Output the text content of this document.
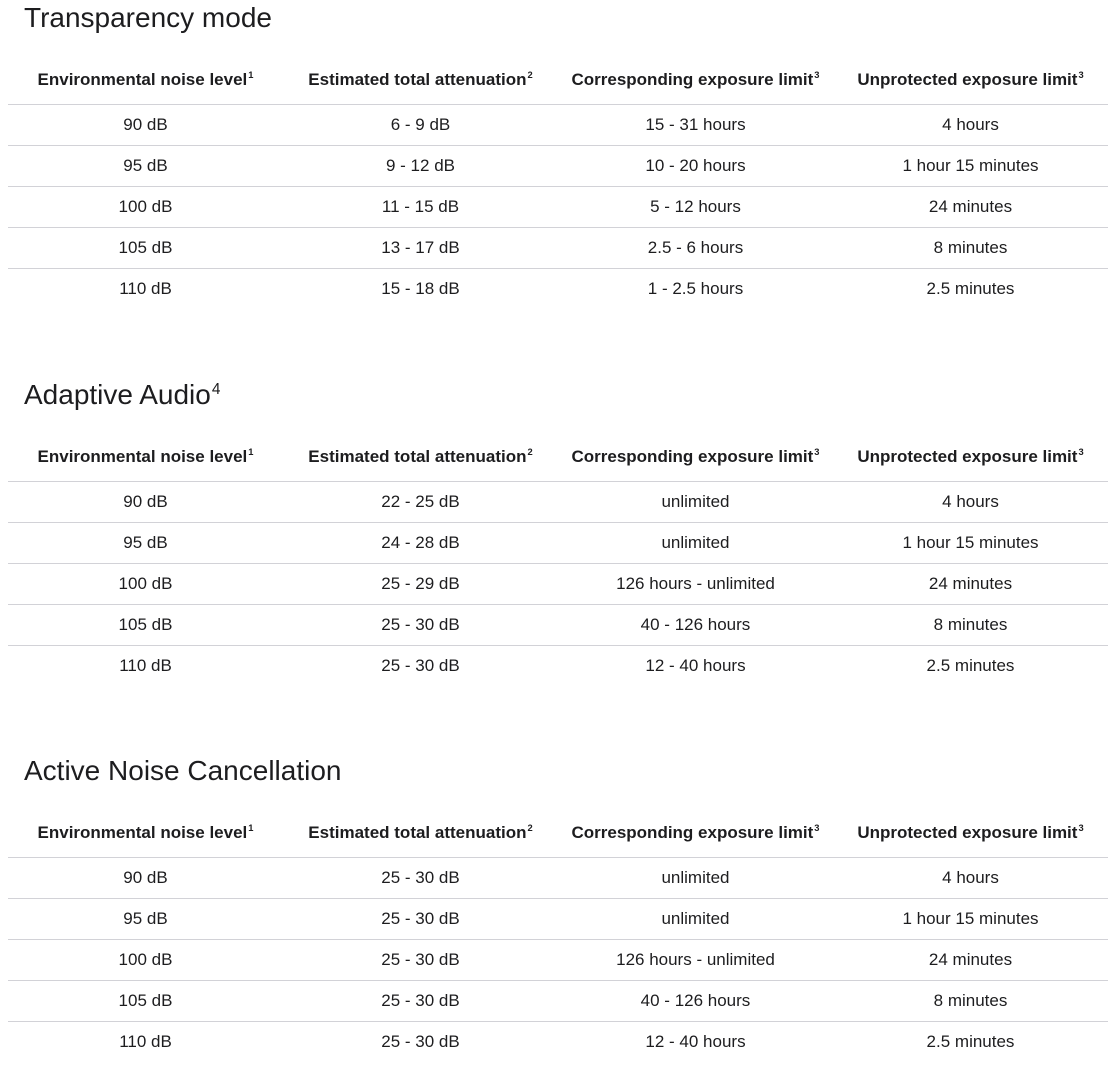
Transparency mode
Environmental noise level$^1$	Estimated total attenuation$^2$	Corresponding exposure limit$^3$	Unprotected exposure limit$^3$
90 dB	6 - 9 dB	15 - 31 hours	4 hours
95 dB	9 - 12 dB	10 - 20 hours	1 hour 15 minutes
100 dB	11 - 15 dB	5 - 12 hours	24 minutes
105 dB	13 - 17 dB	2.5 - 6 hours	8 minutes
110 dB	15 - 18 dB	1 - 2.5 hours	2.5 minutes
Adaptive Audio$^4$
Environmental noise level$^1$	Estimated total attenuation$^2$	Corresponding exposure limit$^3$	Unprotected exposure limit$^3$
90 dB	22 - 25 dB	unlimited	4 hours
95 dB	24 - 28 dB	unlimited	1 hour 15 minutes
100 dB	25 - 29 dB	126 hours - unlimited	24 minutes
105 dB	25 - 30 dB	40 - 126 hours	8 minutes
110 dB	25 - 30 dB	12 - 40 hours	2.5 minutes
Active Noise Cancellation
Environmental noise level$^1$	Estimated total attenuation$^2$	Corresponding exposure limit$^3$	Unprotected exposure limit$^3$
90 dB	25 - 30 dB	unlimited	4 hours
95 dB	25 - 30 dB	unlimited	1 hour 15 minutes
100 dB	25 - 30 dB	126 hours - unlimited	24 minutes
105 dB	25 - 30 dB	40 - 126 hours	8 minutes
110 dB	25 - 30 dB	12 - 40 hours	2.5 minutes
